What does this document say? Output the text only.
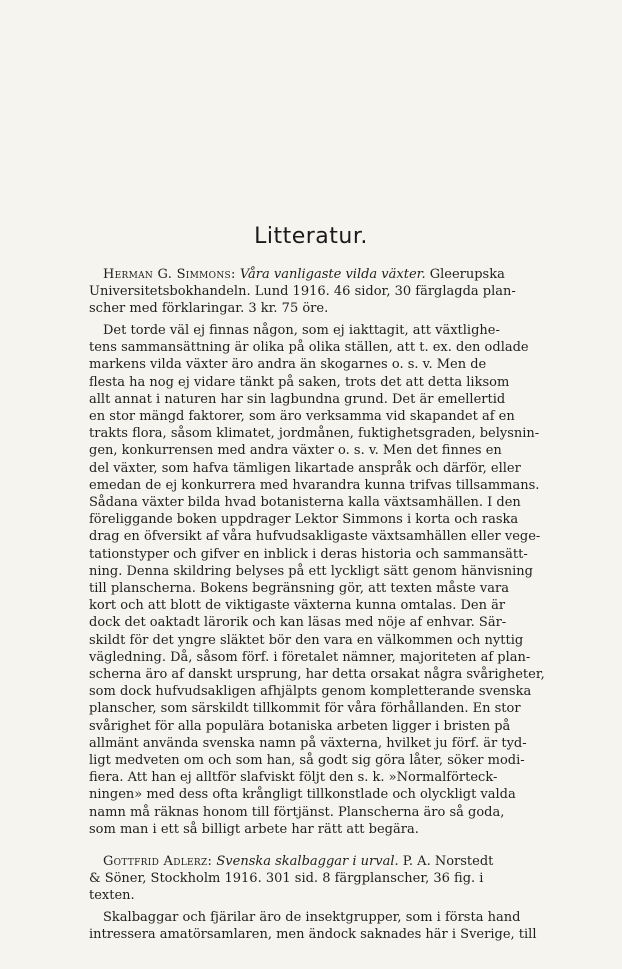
Litteratur.
Herman G. Simmons: Våra vanligaste vilda växter. Gleerupska
Universitetsbokhandeln. Lund 1916. 46 sidor, 30 färglagda plan-
scher med förklaringar. 3 kr. 75 öre.
Det torde väl ej finnas någon, som ej iakttagit, att växtlighe-
tens sammansättning är olika på olika ställen, att t. ex. den odlade
markens vilda växter äro andra än skogarnes o. s. v. Men de
flesta ha nog ej vidare tänkt på saken, trots det att detta liksom
allt annat i naturen har sin lagbundna grund. Det är emellertid
en stor mängd faktorer, som äro verksamma vid skapandet af en
trakts flora, såsom klimatet, jordmånen, fuktighetsgraden, belysnin-
gen, konkurrensen med andra växter o. s. v. Men det finnes en
del växter, som hafva tämligen likartade anspråk och därför, eller
emedan de ej konkurrera med hvarandra kunna trifvas tillsammans.
Sådana växter bilda hvad botanisterna kalla växtsamhällen. I den
föreliggande boken uppdrager Lektor Simmons i korta och raska
drag en öfversikt af våra hufvudsakligaste växtsamhällen eller vege-
tationstyper och gifver en inblick i deras historia och sammansätt-
ning. Denna skildring belyses på ett lyckligt sätt genom hänvisning
till planscherna. Bokens begränsning gör, att texten måste vara
kort och att blott de viktigaste växterna kunna omtalas. Den är
dock det oaktadt lärorik och kan läsas med nöje af enhvar. Sär-
skildt för det yngre släktet bör den vara en välkommen och nyttig
vägledning. Då, såsom förf. i företalet nämner, majoriteten af plan-
scherna äro af danskt ursprung, har detta orsakat några svårigheter,
som dock hufvudsakligen afhjälpts genom kompletterande svenska
planscher, som särskildt tillkommit för våra förhållanden. En stor
svårighet för alla populära botaniska arbeten ligger i bristen på
allmänt använda svenska namn på växterna, hvilket ju förf. är tyd-
ligt medveten om och som han, så godt sig göra låter, söker modi-
fiera. Att han ej alltför slafviskt följt den s. k. »Normalförteck-
ningen» med dess ofta krångligt tillkonstlade och olyckligt valda
namn må räknas honom till förtjänst. Planscherna äro så goda,
som man i ett så billigt arbete har rätt att begära.
Gottfrid Adlerz: Svenska skalbaggar i urval. P. A. Norstedt
& Söner, Stockholm 1916. 301 sid. 8 färgplanscher, 36 fig. i
texten.
Skalbaggar och fjärilar äro de insektgrupper, som i första hand
intressera amatörsamlaren, men ändock saknades här i Sverige, till
